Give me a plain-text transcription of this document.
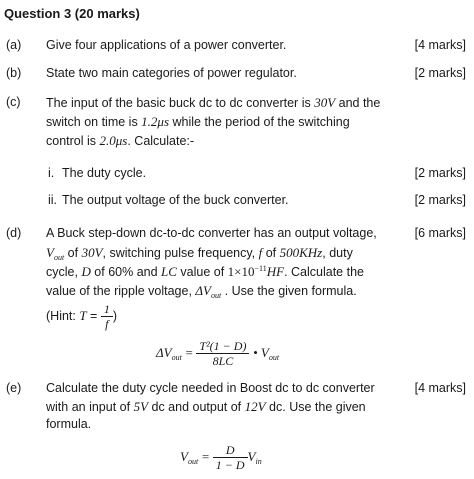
Question 3 (20 marks)
(a) Give four applications of a power converter.	[4 marks]
(b) State two main categories of power regulator.	[2 marks]
(c) The input of the basic buck dc to dc converter is 30V and the
switch on time is 1.2μs while the period of the switching
control is 2.0μs. Calculate:-
i. The duty cycle.	[2 marks]
ii. The output voltage of the buck converter.	[2 marks]
(d) A Buck step-down dc-to-dc converter has an output voltage,	[6 marks]
$V_{out}$ of 30V, switching pulse frequency, f of 500KHz, duty
cycle, D of 60% and LC value of $1\times 10^{-11}HF$. Calculate the
value of the ripple voltage, $\Delta V_{out}$ . Use the given formula.
(Hint: $T = \frac{1}{f}$ )
$\Delta V_{out} = \frac{\text{T²(1 − D)}}{8LC}$ • $V_{out}$
(e) Calculate the duty cycle needed in Boost dc to dc converter	[4 marks]
with an input of 5V dc and output of 12V dc. Use the given
formula.
$V_{out} = \frac{D}{1 - D} V_{in}$
